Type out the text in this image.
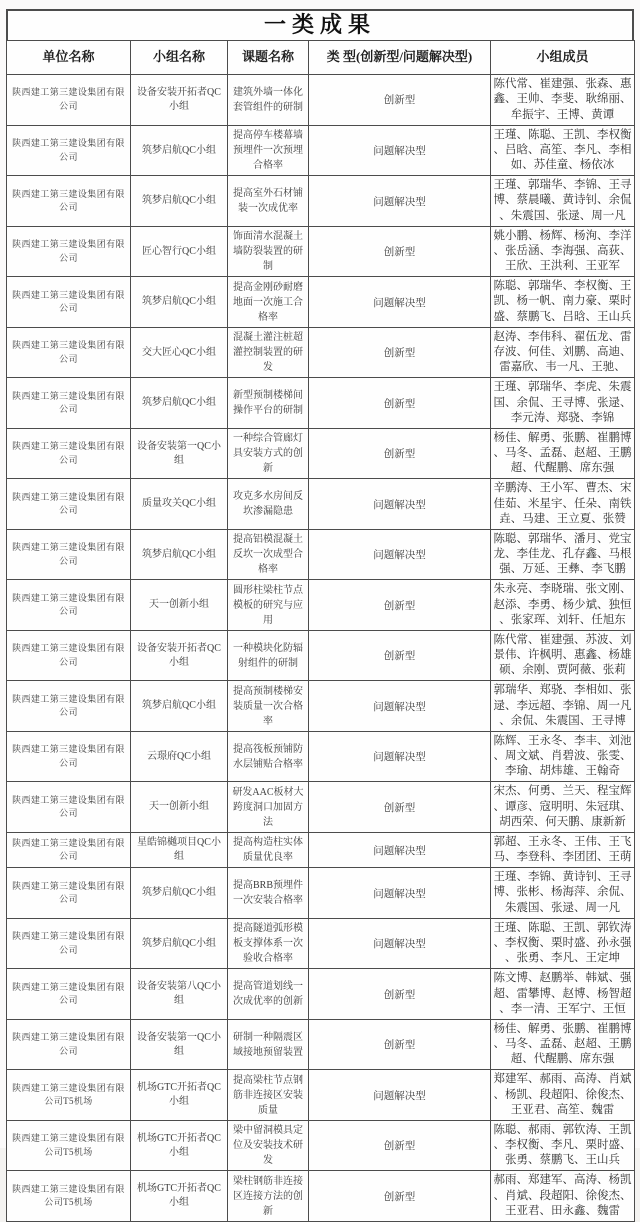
一类成果
单位名称	小组名称	课题名称	类 型(创新型/问题解决型)	小组成员
陕西建工第三建设集团有限公司	设备安装开拓者QC小组	建筑外墙一体化套管组件的研制	创新型	陈代常、崔建强、张森、惠鑫、王帅、李斐、耿绵丽、牟振宇、王博、黄谭
陕西建工第三建设集团有限公司	筑梦启航QC小组	提高停车楼幕墙预埋件一次预埋合格率	问题解决型	王瑾、陈聪、王凯、李权衡、吕晗、高笙、李凡、李相如、苏佳童、杨依冰
陕西建工第三建设集团有限公司	筑梦启航QC小组	提高室外石材铺装一次成优率	问题解决型	王瑾、郭瑞华、李锦、王寻博、蔡晨曦、黄诗钊、余侃、朱震国、张逯、周一凡
陕西建工第三建设集团有限公司	匠心智行QC小组	饰面清水混凝土墙防裂装置的研制	创新型	姚小鹏、杨辉、杨洵、李洋、张岳涵、李海强、高荻、王欣、王洪利、王亚军
陕西建工第三建设集团有限公司	筑梦启航QC小组	提高金刚砂耐磨地面一次施工合格率	问题解决型	陈聪、郭瑞华、李权衡、王凯、杨一帆、南力豪、栗时盛、蔡鹏飞、吕晗、王山兵
陕西建工第三建设集团有限公司	交大匠心QC小组	混凝土灌注桩超灌控制装置的研发	创新型	赵涛、李伟科、翟伍龙、雷存波、何佳、刘鹏、高迪、雷嘉欣、韦一凡、王驰、
陕西建工第三建设集团有限公司	筑梦启航QC小组	新型预制楼梯间操作平台的研制	创新型	王瑾、郭瑞华、李虎、朱震国、余侃、王寻博、张逯、李元涛、郑骁、李锦
陕西建工第三建设集团有限公司	设备安装第一QC小组	一种综合管廊灯具安装方式的创新	创新型	杨佳、解勇、张鹏、崔鹏博、马冬、孟磊、赵超、王鹏超、代醒鹏、席东强
陕西建工第三建设集团有限公司	质量攻关QC小组	攻克多水房间反坎渗漏隐患	问题解决型	辛鹏涛、王小军、曹杰、宋佳茹、米星宇、任朵、南铁垚、马建、王立夏、张赞
陕西建工第三建设集团有限公司	筑梦启航QC小组	提高铝模混凝土反坎一次成型合格率	问题解决型	陈聪、郭瑞华、潘月、党宝龙、李佳龙、孔存鑫、马根强、万延、王彝、李飞鹏
陕西建工第三建设集团有限公司	天一创新小组	圆形柱梁柱节点模板的研究与应用	创新型	朱永亮、李晓瑞、张文刚、赵添、李勇、杨少斌、独恒、张家珲、刘轩、任旭东
陕西建工第三建设集团有限公司	设备安装开拓者QC小组	一种模块化防辐射组件的研制	创新型	陈代常、崔建强、苏波、刘景伟、许枫明、惠鑫、杨雄硕、余刚、贾阿薇、张莉
陕西建工第三建设集团有限公司	筑梦启航QC小组	提高预制楼梯安装质量一次合格率	问题解决型	郭瑞华、郑骁、李相如、张逯、李远超、李锦、周一凡、余侃、朱震国、王寻博
陕西建工第三建设集团有限公司	云璟府QC小组	提高筏板预铺防水层铺贴合格率	问题解决型	陈辉、王永冬、李丰、刘池、周文斌、肖碧波、张雯、李瑜、胡炜雄、王翰奇
陕西建工第三建设集团有限公司	天一创新小组	研发AAC板材大跨度洞口加固方法	创新型	宋杰、何勇、兰天、程宝辉、谭彦、寇明明、朱冠琪、胡西荣、何天鹏、康新新
陕西建工第三建设集团有限公司	星皓锦樾项目QC小组	提高构造柱实体质量优良率	问题解决型	郭超、王永冬、王伟、王飞马、李登科、李团团、王萌
陕西建工第三建设集团有限公司	筑梦启航QC小组	提高BRB预埋件一次安装合格率	问题解决型	王瑾、李锦、黄诗钊、王寻博、张彬、杨海萍、余侃、朱震国、张逯、周一凡
陕西建工第三建设集团有限公司	筑梦启航QC小组	提高隧道弧形模板支撑体系一次验收合格率	问题解决型	王瑾、陈聪、王凯、郭钦涛、李权衡、栗时盛、孙永强、张勇、李凡、王定坤
陕西建工第三建设集团有限公司	设备安装第八QC小组	提高管道划线一次成优率的创新	创新型	陈文博、赵鹏举、韩斌、强超、雷攀博、赵博、杨智超、李一清、王军宁、王恒
陕西建工第三建设集团有限公司	设备安装第一QC小组	研制一种隔震区域接地预留装置	创新型	杨佳、解勇、张鹏、崔鹏博、马冬、孟磊、赵超、王鹏超、代醒鹏、席东强
陕西建工第三建设集团有限公司T5机场	机场GTC开拓者QC小组	提高梁柱节点钢筋非连接区安装质量	问题解决型	郑建军、郝雨、高涛、肖斌、杨凯、段超阳、徐俊杰、王亚君、高笙、魏雷
陕西建工第三建设集团有限公司T5机场	机场GTC开拓者QC小组	梁中留洞模具定位及安装技术研发	创新型	陈聪、郝雨、郭钦涛、王凯、李权衡、李凡、栗时盛、张勇、蔡鹏飞、王山兵
陕西建工第三建设集团有限公司T5机场	机场GTC开拓者QC小组	梁柱钢筋非连接区连接方法的创新	创新型	郝雨、郑建军、高涛、杨凯、肖斌、段超阳、徐俊杰、王亚君、田永鑫、魏雷
